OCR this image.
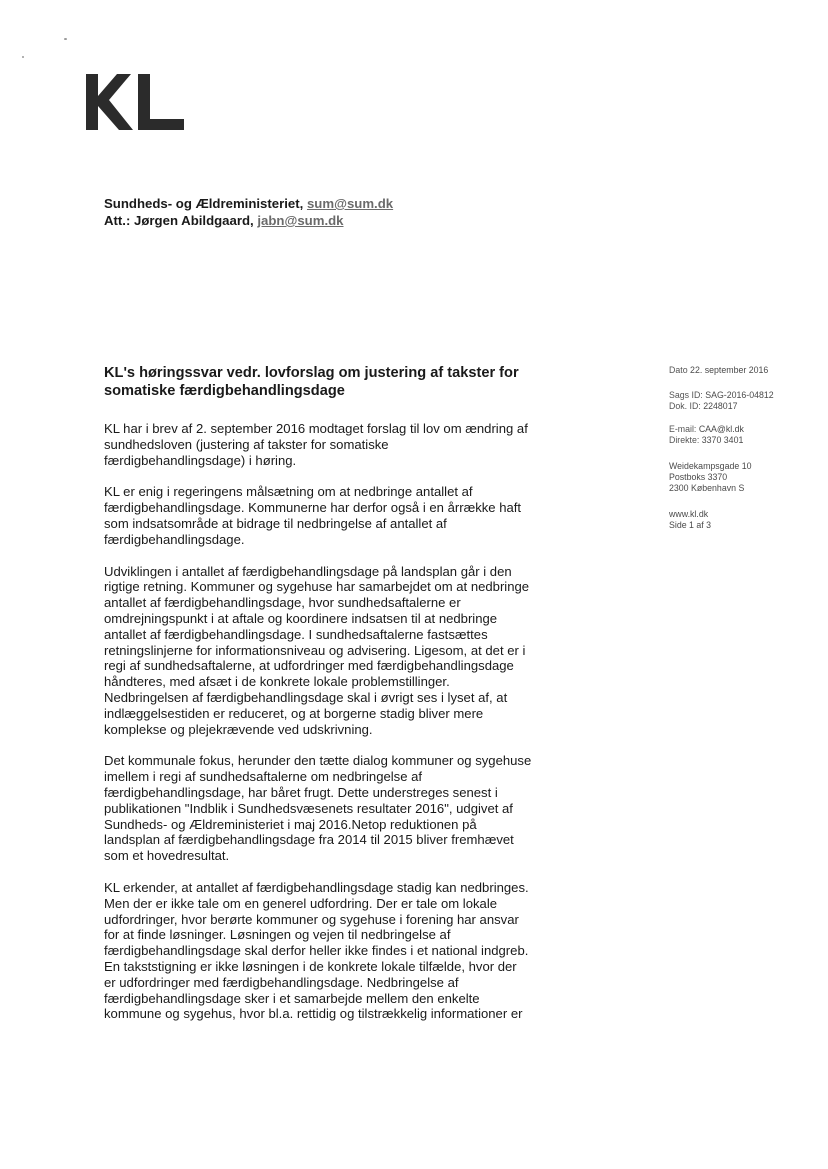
Sundheds- og Ældreministeriet, sum@sum.dk
Att.: Jørgen Abildgaard, jabn@sum.dk
KL's høringssvar vedr. lovforslag om justering af takster for
somatiske færdigbehandlingsdage
Dato 22. september 2016
Sags ID: SAG-2016-04812
Dok. ID: 2248017
E-mail: CAA@kl.dk
Direkte: 3370 3401
Weidekampsgade 10
Postboks 3370
2300 København S
www.kl.dk
Side 1 af 3

KL har i brev af 2. september 2016 modtaget forslag til lov om ændring af
sundhedsloven (justering af takster for somatiske
færdigbehandlingsdage) i høring.

KL er enig i regeringens målsætning om at nedbringe antallet af
færdigbehandlingsdage. Kommunerne har derfor også i en årrække haft
som indsatsområde at bidrage til nedbringelse af antallet af
færdigbehandlingsdage.

Udviklingen i antallet af færdigbehandlingsdage på landsplan går i den
rigtige retning. Kommuner og sygehuse har samarbejdet om at nedbringe
antallet af færdigbehandlingsdage, hvor sundhedsaftalerne er
omdrejningspunkt i at aftale og koordinere indsatsen til at nedbringe
antallet af færdigbehandlingsdage. I sundhedsaftalerne fastsættes
retningslinjerne for informationsniveau og advisering. Ligesom, at det er i
regi af sundhedsaftalerne, at udfordringer med færdigbehandlingsdage
håndteres, med afsæt i de konkrete lokale problemstillinger.
Nedbringelsen af færdigbehandlingsdage skal i øvrigt ses i lyset af, at
indlæggelsestiden er reduceret, og at borgerne stadig bliver mere
komplekse og plejekrævende ved udskrivning.

Det kommunale fokus, herunder den tætte dialog kommuner og sygehuse
imellem i regi af sundhedsaftalerne om nedbringelse af
færdigbehandlingsdage, har båret frugt. Dette understreges senest i
publikationen "Indblik i Sundhedsvæsenets resultater 2016", udgivet af
Sundheds- og Ældreministeriet i maj 2016.Netop reduktionen på
landsplan af færdigbehandlingsdage fra 2014 til 2015 bliver fremhævet
som et hovedresultat.

KL erkender, at antallet af færdigbehandlingsdage stadig kan nedbringes.
Men der er ikke tale om en generel udfordring. Der er tale om lokale
udfordringer, hvor berørte kommuner og sygehuse i forening har ansvar
for at finde løsninger. Løsningen og vejen til nedbringelse af
færdigbehandlingsdage skal derfor heller ikke findes i et national indgreb.
En takststigning er ikke løsningen i de konkrete lokale tilfælde, hvor der
er udfordringer med færdigbehandlingsdage. Nedbringelse af
færdigbehandlingsdage sker i et samarbejde mellem den enkelte
kommune og sygehus, hvor bl.a. rettidig og tilstrækkelig informationer er
